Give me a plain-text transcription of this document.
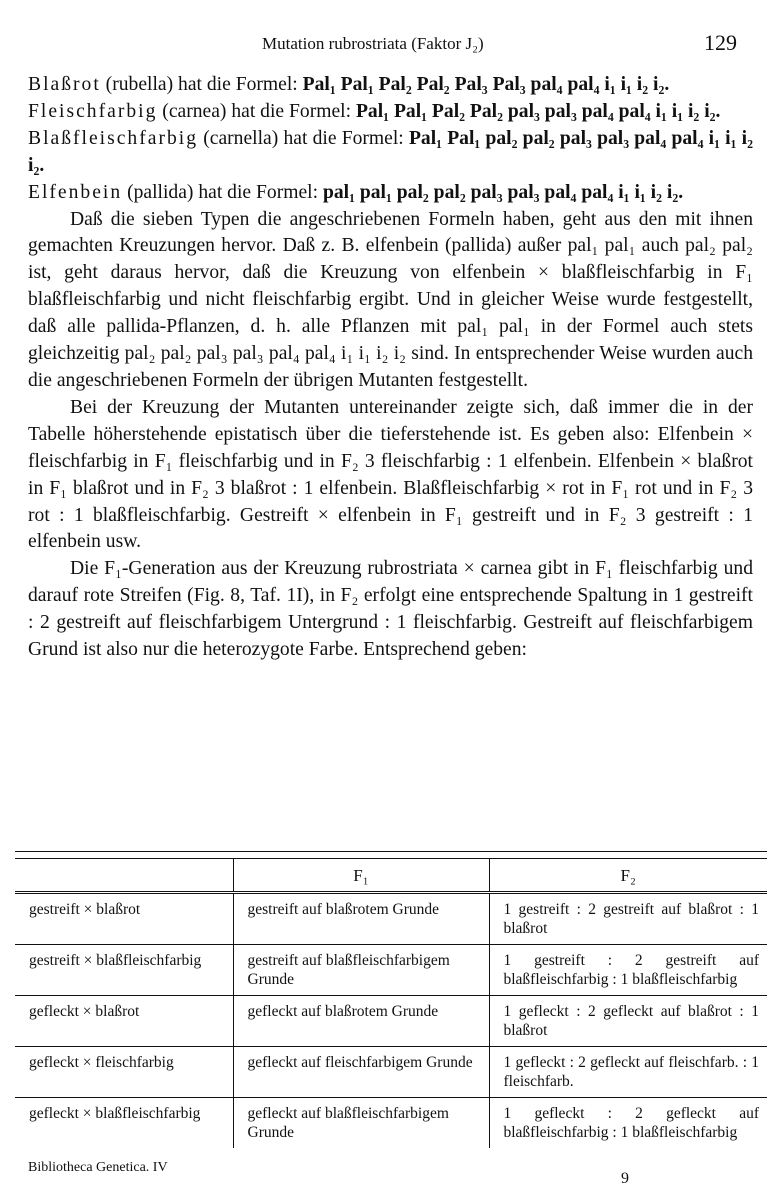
Mutation rubrostriata (Faktor J₂)	129

Blaßrot (rubella) hat die Formel: Pal₁ Pal₁ Pal₂ Pal₂ Pal₃ Pal₃ pal₄ pal₄ i₁ i₁ i₂ i₂.

Fleischfarbig (carnea) hat die Formel: Pal₁ Pal₁ Pal₂ Pal₂ pal₃ pal₃ pal₄ pal₄ i₁ i₁ i₂ i₂.

Blaßfleischfarbig (carnella) hat die Formel: Pal₁ Pal₁ pal₂ pal₂ pal₃ pal₃ pal₄ pal₄ i₁ i₁ i₂ i₂.

Elfenbein (pallida) hat die Formel: pal₁ pal₁ pal₂ pal₂ pal₃ pal₃ pal₄ pal₄ i₁ i₁ i₂ i₂.

Daß die sieben Typen die angeschriebenen Formeln haben, geht aus den mit ihnen gemachten Kreuzungen hervor. Daß z. B. elfenbein (pallida) außer pal₁ pal₁ auch pal₂ pal₂ ist, geht daraus hervor, daß die Kreuzung von elfenbein × blaßfleischfarbig in F₁ blaßfleischfarbig und nicht fleischfarbig ergibt. Und in gleicher Weise wurde festgestellt, daß alle pallida-Pflanzen, d. h. alle Pflanzen mit pal₁ pal₁ in der Formel auch stets gleichzeitig pal₂ pal₂ pal₃ pal₃ pal₄ pal₄ i₁ i₁ i₂ i₂ sind. In entsprechender Weise wurden auch die angeschriebenen Formeln der übrigen Mutanten festgestellt.

Bei der Kreuzung der Mutanten untereinander zeigte sich, daß immer die in der Tabelle höherstehende epistatisch über die tieferstehende ist. Es geben also: Elfenbein × fleischfarbig in F₁ fleischfarbig und in F₂ 3 fleischfarbig : 1 elfenbein. Elfenbein × blaßrot in F₁ blaßrot und in F₂ 3 blaßrot : 1 elfenbein. Blaßfleischfarbig × rot in F₁ rot und in F₂ 3 rot : 1 blaßfleischfarbig. Gestreift × elfenbein in F₁ gestreift und in F₂ 3 gestreift : 1 elfenbein usw.

Die F₁-Generation aus der Kreuzung rubrostriata × carnea gibt in F₁ fleischfarbig und darauf rote Streifen (Fig. 8, Taf. 1I), in F₂ erfolgt eine entsprechende Spaltung in 1 gestreift : 2 gestreift auf fleischfarbigem Untergrund : 1 fleischfarbig. Gestreift auf fleischfarbigem Grund ist also nur die heterozygote Farbe. Entsprechend geben:

	F₁	F₂
gestreift × blaßrot	gestreift auf blaßrotem Grunde	1 gestreift : 2 gestreift auf blaßrot : 1 blaßrot
gestreift × blaßfleischfarbig	gestreift auf blaßfleischfarbigem Grunde	1 gestreift : 2 gestreift auf blaßfleischfarbig : 1 blaßfleischfarbig
gefleckt × blaßrot	gefleckt auf blaßrotem Grunde	1 gefleckt : 2 gefleckt auf blaßrot : 1 blaßrot
gefleckt × fleischfarbig	gefleckt auf fleischfarbigem Grunde	1 gefleckt : 2 gefleckt auf fleischfarb. : 1 fleischfarb.
gefleckt × blaßfleischfarbig	gefleckt auf blaßfleischfarbigem Grunde	1 gefleckt : 2 gefleckt auf blaßfleischfarbig : 1 blaßfleischfarbig
Bibliotheca Genetica. IV
9
